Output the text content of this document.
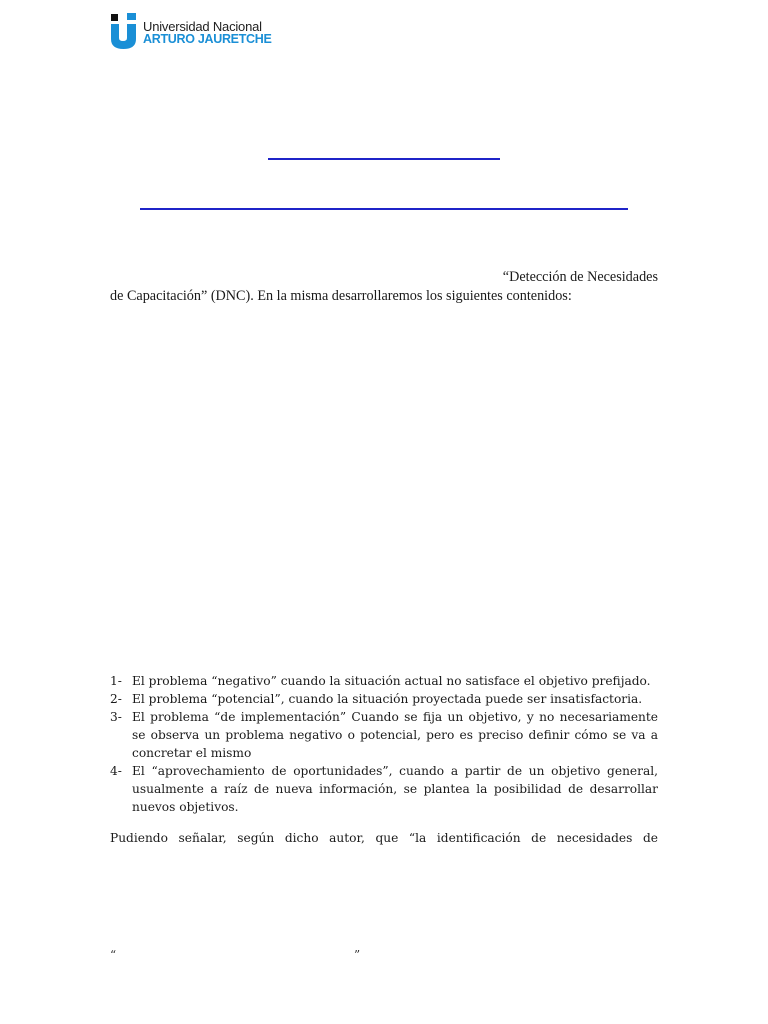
Universidad Nacional
ARTURO JAURETCHE

“Detección de Necesidades
de Capacitación” (DNC). En la misma desarrollaremos los siguientes contenidos:

1- El problema “negativo” cuando la situación actual no satisface el objetivo prefijado.
2- El problema “potencial”, cuando la situación proyectada puede ser insatisfactoria.
3- El problema “de implementación” Cuando se fija un objetivo, y no necesariamente se observa un problema negativo o potencial, pero es preciso definir cómo se va a concretar el mismo
4- El “aprovechamiento de oportunidades”, cuando a partir de un objetivo general, usualmente a raíz de nueva información, se plantea la posibilidad de desarrollar nuevos objetivos.

Pudiendo señalar, según dicho autor, que “la identificación de necesidades de

“	”
